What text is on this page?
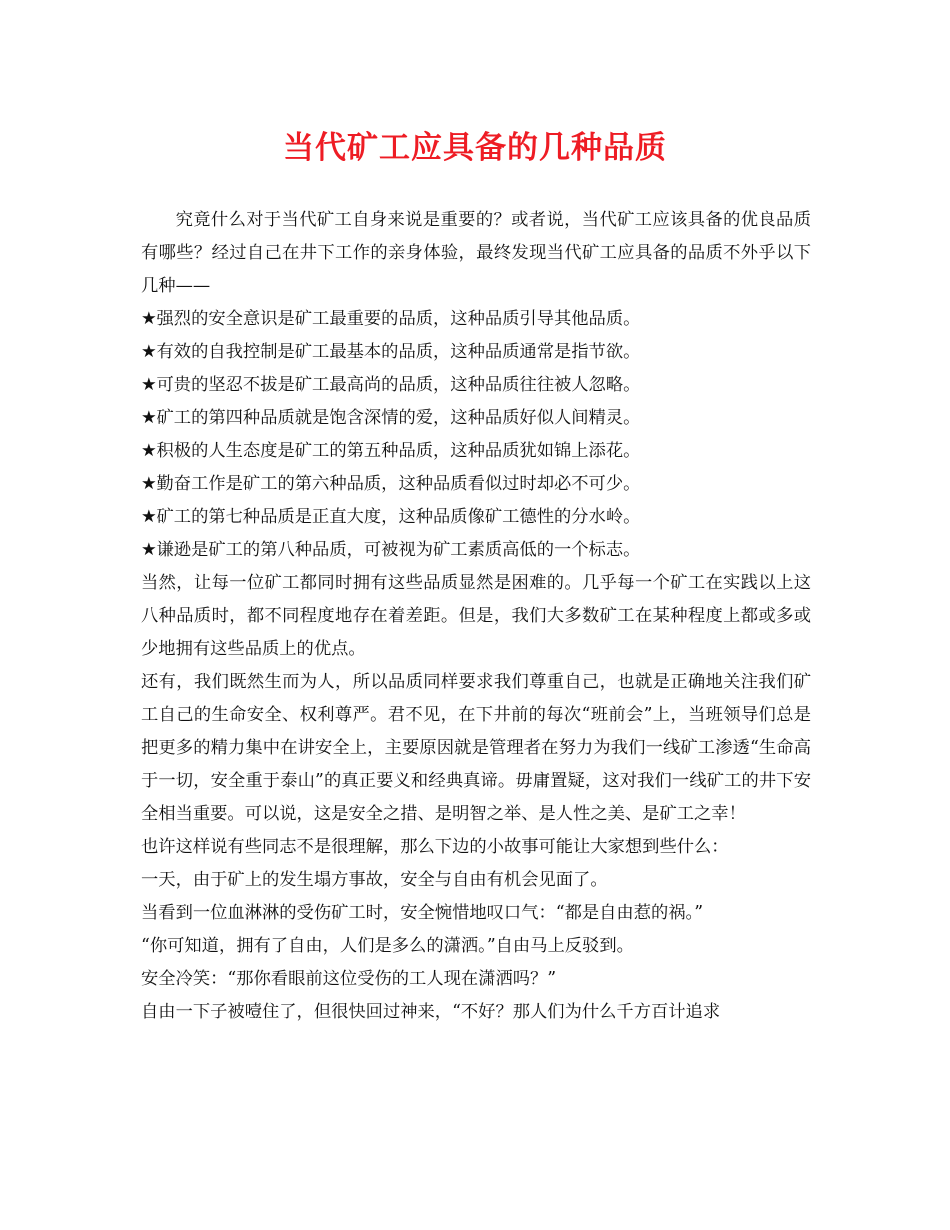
当代矿工应具备的几种品质

究竟什么对于当代矿工自身来说是重要的？或者说，当代矿工应该具备的优良品质有哪些？经过自己在井下工作的亲身体验，最终发现当代矿工应具备的品质不外乎以下几种——

★强烈的安全意识是矿工最重要的品质，这种品质引导其他品质。

★有效的自我控制是矿工最基本的品质，这种品质通常是指节欲。

★可贵的坚忍不拔是矿工最高尚的品质，这种品质往往被人忽略。

★矿工的第四种品质就是饱含深情的爱，这种品质好似人间精灵。

★积极的人生态度是矿工的第五种品质，这种品质犹如锦上添花。

★勤奋工作是矿工的第六种品质，这种品质看似过时却必不可少。

★矿工的第七种品质是正直大度，这种品质像矿工德性的分水岭。

★谦逊是矿工的第八种品质，可被视为矿工素质高低的一个标志。

当然，让每一位矿工都同时拥有这些品质显然是困难的。几乎每一个矿工在实践以上这八种品质时，都不同程度地存在着差距。但是，我们大多数矿工在某种程度上都或多或少地拥有这些品质上的优点。

还有，我们既然生而为人，所以品质同样要求我们尊重自己，也就是正确地关注我们矿工自己的生命安全、权利尊严。君不见，在下井前的每次“班前会”上，当班领导们总是把更多的精力集中在讲安全上，主要原因就是管理者在努力为我们一线矿工渗透“生命高于一切，安全重于泰山”的真正要义和经典真谛。毋庸置疑，这对我们一线矿工的井下安全相当重要。可以说，这是安全之措、是明智之举、是人性之美、是矿工之幸！

也许这样说有些同志不是很理解，那么下边的小故事可能让大家想到些什么：

一天，由于矿上的发生塌方事故，安全与自由有机会见面了。

当看到一位血淋淋的受伤矿工时，安全惋惜地叹口气：“都是自由惹的祸。”

“你可知道，拥有了自由，人们是多么的潇洒。”自由马上反驳到。

安全冷笑：“那你看眼前这位受伤的工人现在潇洒吗？”

自由一下子被噎住了，但很快回过神来，“不好？那人们为什么千方百计追求
